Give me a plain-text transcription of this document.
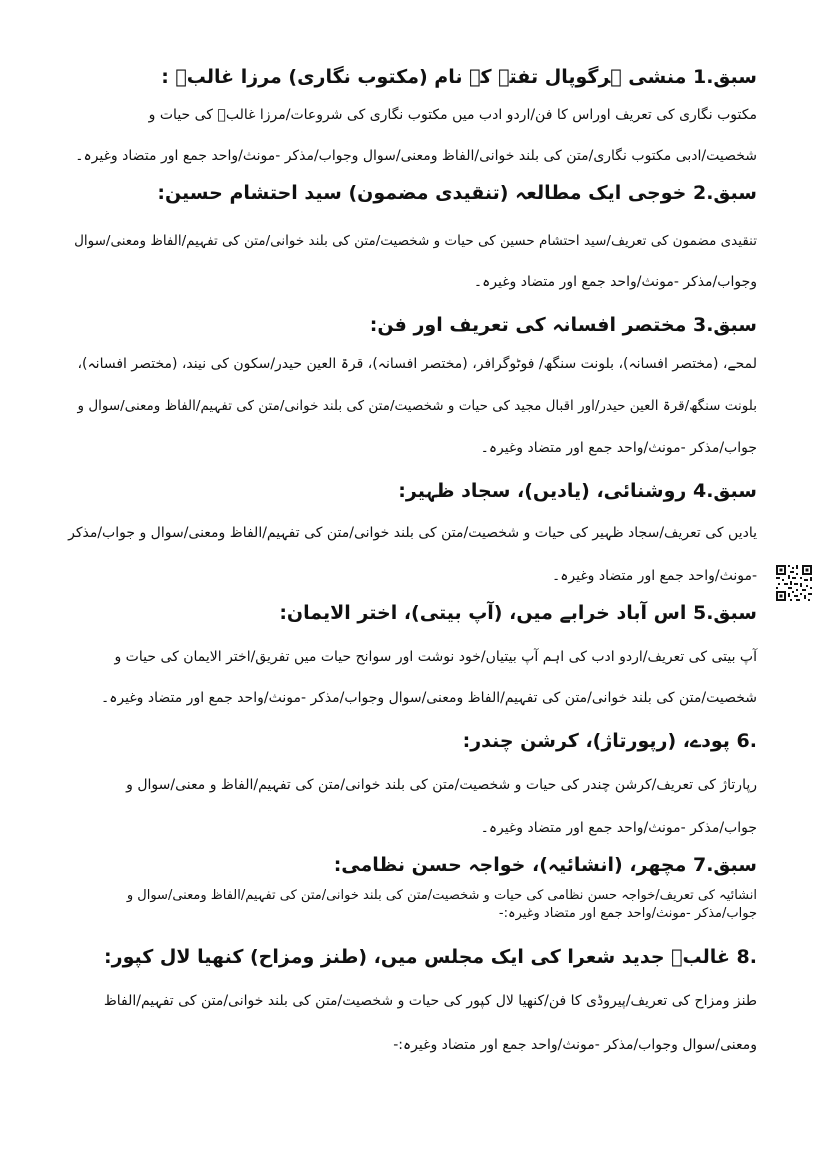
سبق.1 منشی ہرگوپال تفتہ کے نام (مکتوب نگاری) مرزا غالبؔ :
مکتوب نگاری کی تعریف اوراس کا فن/اردو ادب میں مکتوب نگاری کی شروعات/مرزا غالبؔ کی حیات و
شخصیت/ادبی مکتوب نگاری/متن کی بلند خوانی/الفاظ ومعنی/سوال وجواب/مذکر -مونث/واحد جمع اور متضاد وغیرہ۔
سبق.2 خوجی ایک مطالعہ (تنقیدی مضمون) سید احتشام حسین:
تنقیدی مضمون کی تعریف/سید احتشام حسین کی حیات و شخصیت/متن کی بلند خوانی/متن کی تفہیم/الفاظ ومعنی/سوال
وجواب/مذکر -مونث/واحد جمع اور متضاد وغیرہ۔
سبق.3 مختصر افسانہ کی تعریف اور فن:
لمحے، (مختصر افسانہ)، بلونت سنگھ/ فوٹوگرافر، (مختصر افسانہ)، قرۃ العین حیدر/سکون کی نیند، (مختصر افسانہ)،
بلونت سنگھ/قرۃ العین حیدر/اور اقبال مجید کی حیات و شخصیت/متن کی بلند خوانی/متن کی تفہیم/الفاظ ومعنی/سوال و
جواب/مذکر -مونث/واحد جمع اور متضاد وغیرہ۔
سبق.4 روشنائی، (یادیں)، سجاد ظہیر:
یادیں کی تعریف/سجاد ظہیر کی حیات و شخصیت/متن کی بلند خوانی/متن کی تفہیم/الفاظ ومعنی/سوال و جواب/مذکر
-مونث/واحد جمع اور متضاد وغیرہ۔
سبق.5 اس آباد خرابے میں، (آپ بیتی)، اختر الایمان:
آپ بیتی کی تعریف/اردو ادب کی اہم آپ بیتیاں/خود نوشت اور سوانح حیات میں تفریق/اختر الایمان کی حیات و
شخصیت/متن کی بلند خوانی/متن کی تفہیم/الفاظ ومعنی/سوال وجواب/مذکر -مونث/واحد جمع اور متضاد وغیرہ۔
.6 پودے، (رپورتاژ)، کرشن چندر:
رپارتاژ کی تعریف/کرشن چندر کی حیات و شخصیت/متن کی بلند خوانی/متن کی تفہیم/الفاظ و معنی/سوال و
جواب/مذکر -مونث/واحد جمع اور متضاد وغیرہ۔
سبق.7 مچھر، (انشائیہ)، خواجہ حسن نظامی:
انشائیہ کی تعریف/خواجہ حسن نظامی کی حیات و شخصیت/متن کی بلند خوانی/متن کی تفہیم/الفاظ ومعنی/سوال و
جواب/مذکر -مونث/واحد جمع اور متضاد وغیرہ:-
.8 غالبؔ جدید شعرا کی ایک مجلس میں، (طنز ومزاح) کنھیا لال کپور:
طنز ومزاح کی تعریف/پیروڈی کا فن/کنھیا لال کپور کی حیات و شخصیت/متن کی بلند خوانی/متن کی تفہیم/الفاظ
ومعنی/سوال وجواب/مذکر -مونث/واحد جمع اور متضاد وغیرہ:-
